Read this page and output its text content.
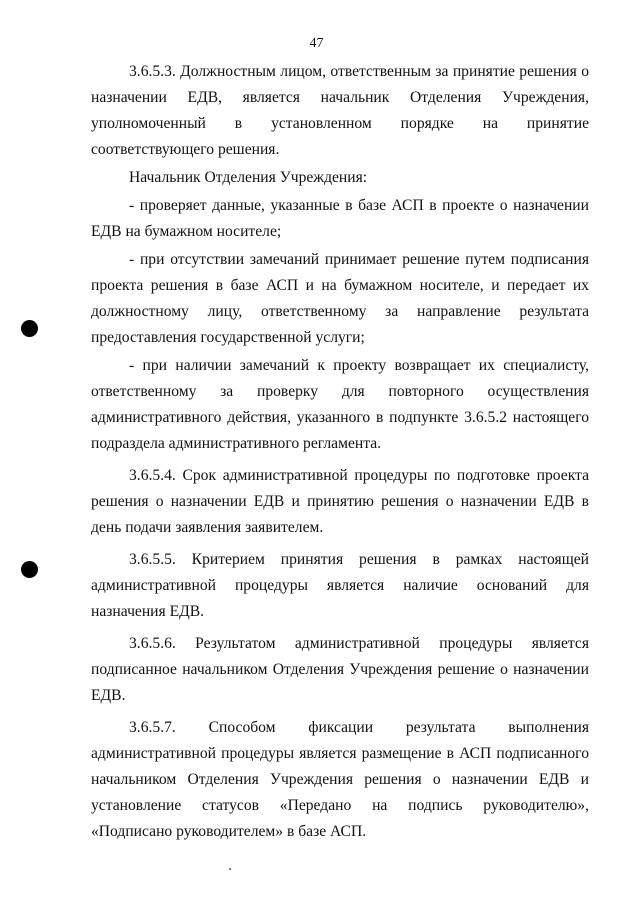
47

3.6.5.3. Должностным лицом, ответственным за принятие решения о назначении ЕДВ, является начальник Отделения Учреждения, уполномоченный в установленном порядке на принятие соответствующего решения.

Начальник Отделения Учреждения:

- проверяет данные, указанные в базе АСП в проекте о назначении ЕДВ на бумажном носителе;

- при отсутствии замечаний принимает решение путем подписания проекта решения в базе АСП и на бумажном носителе, и передает их должностному лицу, ответственному за направление результата предоставления государственной услуги;

- при наличии замечаний к проекту возвращает их специалисту, ответственному за проверку для повторного осуществления административного действия, указанного в подпункте 3.6.5.2 настоящего подраздела административного регламента.

3.6.5.4. Срок административной процедуры по подготовке проекта решения о назначении ЕДВ и принятию решения о назначении ЕДВ в день подачи заявления заявителем.

3.6.5.5. Критерием принятия решения в рамках настоящей административной процедуры является наличие оснований для назначения ЕДВ.

3.6.5.6. Результатом административной процедуры является подписанное начальником Отделения Учреждения решение о назначении ЕДВ.

3.6.5.7. Способом фиксации результата выполнения административной процедуры является размещение в АСП подписанного начальником Отделения Учреждения решения о назначении ЕДВ и установление статусов «Передано на подпись руководителю», «Подписано руководителем» в базе АСП.
